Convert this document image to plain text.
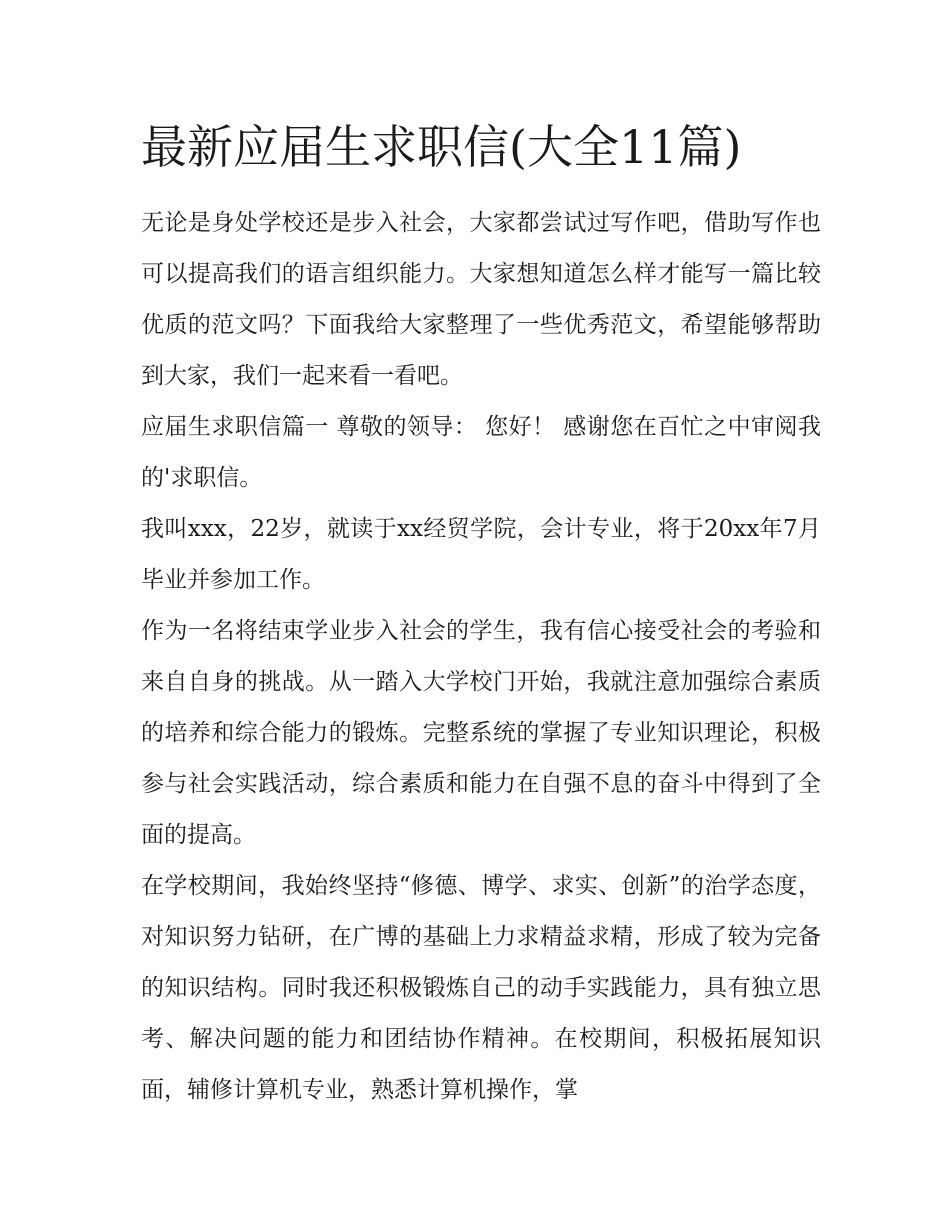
最新应届生求职信(大全11篇)

无论是身处学校还是步入社会，大家都尝试过写作吧，借助写作也可以提高我们的语言组织能力。大家想知道怎么样才能写一篇比较优质的范文吗？下面我给大家整理了一些优秀范文，希望能够帮助到大家，我们一起来看一看吧。

应届生求职信篇一 尊敬的领导： 您好！ 感谢您在百忙之中审阅我的'求职信。

我叫xxx，22岁，就读于xx经贸学院，会计专业，将于20xx年7月毕业并参加工作。

作为一名将结束学业步入社会的学生，我有信心接受社会的考验和来自自身的挑战。从一踏入大学校门开始，我就注意加强综合素质的培养和综合能力的锻炼。完整系统的掌握了专业知识理论，积极参与社会实践活动，综合素质和能力在自强不息的奋斗中得到了全面的提高。

在学校期间，我始终坚持“修德、博学、求实、创新”的治学态度，对知识努力钻研，在广博的基础上力求精益求精，形成了较为完备的知识结构。同时我还积极锻炼自己的动手实践能力，具有独立思考、解决问题的能力和团结协作精神。在校期间，积极拓展知识面，辅修计算机专业，熟悉计算机操作，掌
